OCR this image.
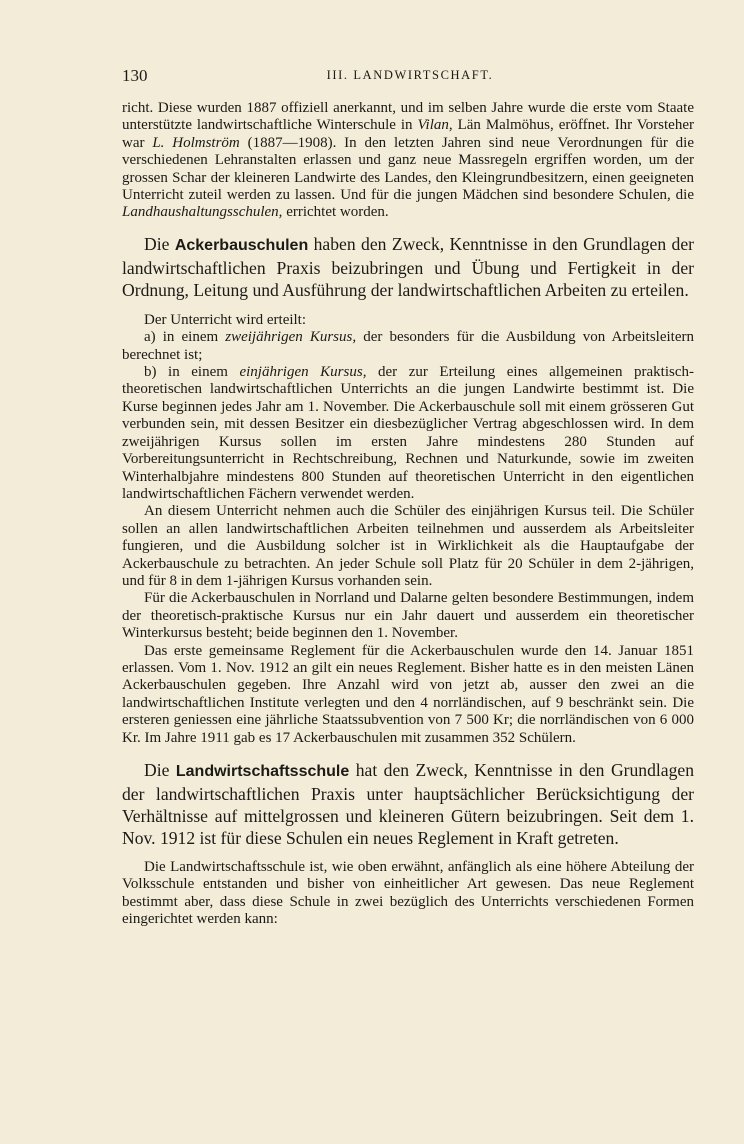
130	III. LANDWIRTSCHAFT.

richt. Diese wurden 1887 offiziell anerkannt, und im selben Jahre wurde die erste vom Staate unterstützte landwirtschaftliche Winterschule in Vilan, Län Malmöhus, eröffnet. Ihr Vorsteher war L. Holmström (1887—1908). In den letzten Jahren sind neue Verordnungen für die verschiedenen Lehranstalten erlassen und ganz neue Massregeln ergriffen worden, um der grossen Schar der kleineren Landwirte des Landes, den Kleingrundbesitzern, einen geeigneten Unterricht zuteil werden zu lassen. Und für die jungen Mädchen sind besondere Schulen, die Landhaushaltungsschulen, errichtet worden.

Die Ackerbauschulen haben den Zweck, Kenntnisse in den Grundlagen der landwirtschaftlichen Praxis beizubringen und Übung und Fertigkeit in der Ordnung, Leitung und Ausführung der landwirtschaftlichen Arbeiten zu erteilen.

Der Unterricht wird erteilt:

a) in einem zweijährigen Kursus, der besonders für die Ausbildung von Arbeitsleitern berechnet ist;

b) in einem einjährigen Kursus, der zur Erteilung eines allgemeinen praktisch-theoretischen landwirtschaftlichen Unterrichts an die jungen Landwirte bestimmt ist. Die Kurse beginnen jedes Jahr am 1. November. Die Ackerbauschule soll mit einem grösseren Gut verbunden sein, mit dessen Besitzer ein diesbezüglicher Vertrag abgeschlossen wird. In dem zweijährigen Kursus sollen im ersten Jahre mindestens 280 Stunden auf Vorbereitungsunterricht in Rechtschreibung, Rechnen und Naturkunde, sowie im zweiten Winterhalbjahre mindestens 800 Stunden auf theoretischen Unterricht in den eigentlichen landwirtschaftlichen Fächern verwendet werden.

An diesem Unterricht nehmen auch die Schüler des einjährigen Kursus teil. Die Schüler sollen an allen landwirtschaftlichen Arbeiten teilnehmen und ausserdem als Arbeitsleiter fungieren, und die Ausbildung solcher ist in Wirklichkeit als die Hauptaufgabe der Ackerbauschule zu betrachten. An jeder Schule soll Platz für 20 Schüler in dem 2-jährigen, und für 8 in dem 1-jährigen Kursus vorhanden sein.

Für die Ackerbauschulen in Norrland und Dalarne gelten besondere Bestimmungen, indem der theoretisch-praktische Kursus nur ein Jahr dauert und ausserdem ein theoretischer Winterkursus besteht; beide beginnen den 1. November.

Das erste gemeinsame Reglement für die Ackerbauschulen wurde den 14. Januar 1851 erlassen. Vom 1. Nov. 1912 an gilt ein neues Reglement. Bisher hatte es in den meisten Länen Ackerbauschulen gegeben. Ihre Anzahl wird von jetzt ab, ausser den zwei an die landwirtschaftlichen Institute verlegten und den 4 norrländischen, auf 9 beschränkt sein. Die ersteren geniessen eine jährliche Staatssubvention von 7 500 Kr; die norrländischen von 6 000 Kr. Im Jahre 1911 gab es 17 Ackerbauschulen mit zusammen 352 Schülern.

Die Landwirtschaftsschule hat den Zweck, Kenntnisse in den Grundlagen der landwirtschaftlichen Praxis unter hauptsächlicher Berücksichtigung der Verhältnisse auf mittelgrossen und kleineren Gütern beizubringen. Seit dem 1. Nov. 1912 ist für diese Schulen ein neues Reglement in Kraft getreten.

Die Landwirtschaftsschule ist, wie oben erwähnt, anfänglich als eine höhere Abteilung der Volksschule entstanden und bisher von einheitlicher Art gewesen. Das neue Reglement bestimmt aber, dass diese Schule in zwei bezüglich des Unterrichts verschiedenen Formen eingerichtet werden kann:
